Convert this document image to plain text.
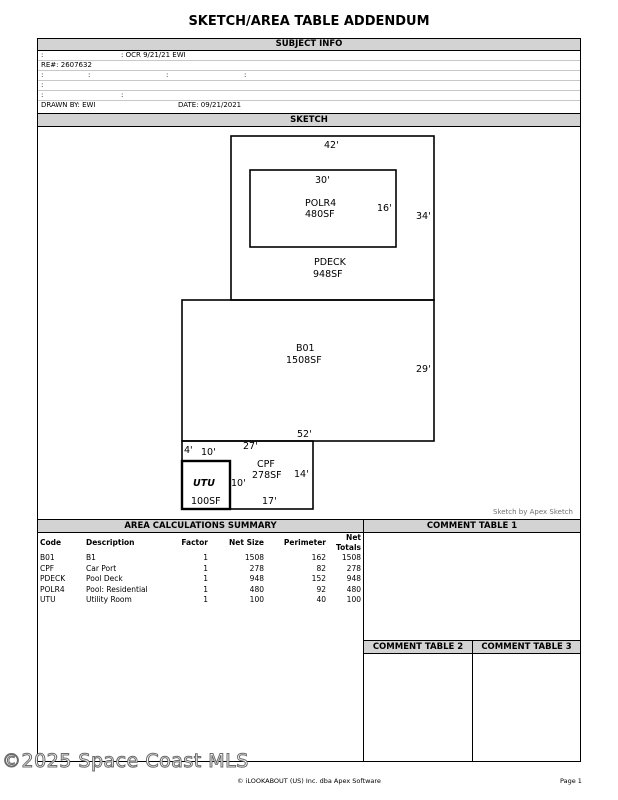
SKETCH/AREA TABLE ADDENDUM
SUBJECT INFO
:	: OCR 9/21/21 EWI
RE#: 2607632
:	:	:	:
:
:	:
DRAWN BY: EWI	DATE: 09/21/2021
SKETCH
42'
30'
POLR4
480SF
16'
34'
PDECK
948SF
B01
1508SF
29'
52'
27'
4' 10'
CPF
278SF 14'
UTU 10'
100SF	17'
Sketch by Apex Sketch
AREA CALCULATIONS SUMMARY
Code	Description	Factor	Net Size	Perimeter	Net Totals
B01	B1	1	1508	162	1508
CPF	Car Port	1	278	82	278
PDECK	Pool Deck	1	948	152	948
POLR4	Pool: Residential	1	480	92	480
UTU	Utility Room	1	100	40	100
COMMENT TABLE 1
COMMENT TABLE 2	COMMENT TABLE 3
© iLOOKABOUT (US) Inc. dba Apex Software	Page 1
©2025 Space Coast MLS
